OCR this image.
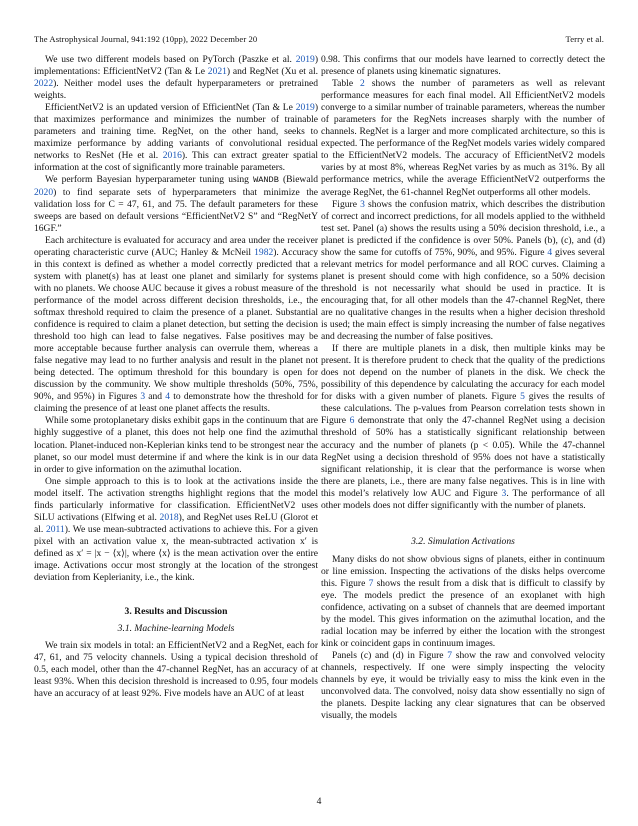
The Astrophysical Journal, 941:192 (10pp), 2022 December 20	Terry et al.

We use two different models based on PyTorch (Paszke et al. 2019) implementations: EfficientNetV2 (Tan & Le 2021) and RegNet (Xu et al. 2022). Neither model uses the default hyperparameters or pretrained weights.

EfficientNetV2 is an updated version of EfficientNet (Tan & Le 2019) that maximizes performance and minimizes the number of trainable parameters and training time. RegNet, on the other hand, seeks to maximize performance by adding variants of convolutional residual networks to ResNet (He et al. 2016). This can extract greater spatial information at the cost of significantly more trainable parameters.

We perform Bayesian hyperparameter tuning using WANDB (Biewald 2020) to find separate sets of hyperparameters that minimize the validation loss for C = 47, 61, and 75. The default parameters for these sweeps are based on default versions “EfficientNetV2 S” and “RegNetY 16GF.”

Each architecture is evaluated for accuracy and area under the receiver operating characteristic curve (AUC; Hanley & McNeil 1982). Accuracy in this context is defined as whether a model correctly predicted that a system with planet(s) has at least one planet and similarly for systems with no planets. We choose AUC because it gives a robust measure of the performance of the model across different decision thresholds, i.e., the softmax threshold required to claim the presence of a planet. Substantial confidence is required to claim a planet detection, but setting the decision threshold too high can lead to false negatives. False positives may be more acceptable because further analysis can overrule them, whereas a false negative may lead to no further analysis and result in the planet not being detected. The optimum threshold for this boundary is open for discussion by the community. We show multiple thresholds (50%, 75%, 90%, and 95%) in Figures 3 and 4 to demonstrate how the threshold for claiming the presence of at least one planet affects the results.

While some protoplanetary disks exhibit gaps in the continuum that are highly suggestive of a planet, this does not help one find the azimuthal location. Planet-induced non-Keplerian kinks tend to be strongest near the planet, so our model must determine if and where the kink is in our data in order to give information on the azimuthal location.

One simple approach to this is to look at the activations inside the model itself. The activation strengths highlight regions that the model finds particularly informative for classification. EfficientNetV2 uses SiLU activations (Elfwing et al. 2018), and RegNet uses ReLU (Glorot et al. 2011). We use mean-subtracted activations to achieve this. For a given pixel with an activation value x, the mean-subtracted activation x′ is defined as x′ = |x − ⟨x⟩|, where ⟨x⟩ is the mean activation over the entire image. Activations occur most strongly at the location of the strongest deviation from Keplerianity, i.e., the kink.

3. Results and Discussion
3.1. Machine-learning Models

We train six models in total: an EfficientNetV2 and a RegNet, each for 47, 61, and 75 velocity channels. Using a typical decision threshold of 0.5, each model, other than the 47-channel RegNet, has an accuracy of at least 93%. When this decision threshold is increased to 0.95, four models have an accuracy of at least 92%. Five models have an AUC of at least

0.98. This confirms that our models have learned to correctly detect the presence of planets using kinematic signatures.

Table 2 shows the number of parameters as well as relevant performance measures for each final model. All EfficientNetV2 models converge to a similar number of trainable parameters, whereas the number of parameters for the RegNets increases sharply with the number of channels. RegNet is a larger and more complicated architecture, so this is expected. The performance of the RegNet models varies widely compared to the EfficientNetV2 models. The accuracy of EfficientNetV2 models varies by at most 8%, whereas RegNet varies by as much as 31%. By all performance metrics, while the average EfficientNetV2 outperforms the average RegNet, the 61-channel RegNet outperforms all other models.

Figure 3 shows the confusion matrix, which describes the distribution of correct and incorrect predictions, for all models applied to the withheld test set. Panel (a) shows the results using a 50% decision threshold, i.e., a planet is predicted if the confidence is over 50%. Panels (b), (c), and (d) show the same for cutoffs of 75%, 90%, and 95%. Figure 4 gives several relevant metrics for model performance and all ROC curves. Claiming a planet is present should come with high confidence, so a 50% decision threshold is not necessarily what should be used in practice. It is encouraging that, for all other models than the 47-channel RegNet, there are no qualitative changes in the results when a higher decision threshold is used; the main effect is simply increasing the number of false negatives and decreasing the number of false positives.

If there are multiple planets in a disk, then multiple kinks may be present. It is therefore prudent to check that the quality of the predictions does not depend on the number of planets in the disk. We check the possibility of this dependence by calculating the accuracy for each model for disks with a given number of planets. Figure 5 gives the results of these calculations. The p-values from Pearson correlation tests shown in Figure 6 demonstrate that only the 47-channel RegNet using a decision threshold of 50% has a statistically significant relationship between accuracy and the number of planets (p < 0.05). While the 47-channel RegNet using a decision threshold of 95% does not have a statistically significant relationship, it is clear that the performance is worse when there are planets, i.e., there are many false negatives. This is in line with this model’s relatively low AUC and Figure 3. The performance of all other models does not differ significantly with the number of planets.

3.2. Simulation Activations

Many disks do not show obvious signs of planets, either in continuum or line emission. Inspecting the activations of the disks helps overcome this. Figure 7 shows the result from a disk that is difficult to classify by eye. The models predict the presence of an exoplanet with high confidence, activating on a subset of channels that are deemed important by the model. This gives information on the azimuthal location, and the radial location may be inferred by either the location with the strongest kink or coincident gaps in continuum images.

Panels (c) and (d) in Figure 7 show the raw and convolved velocity channels, respectively. If one were simply inspecting the velocity channels by eye, it would be trivially easy to miss the kink even in the unconvolved data. The convolved, noisy data show essentially no sign of the planets. Despite lacking any clear signatures that can be observed visually, the models

4
